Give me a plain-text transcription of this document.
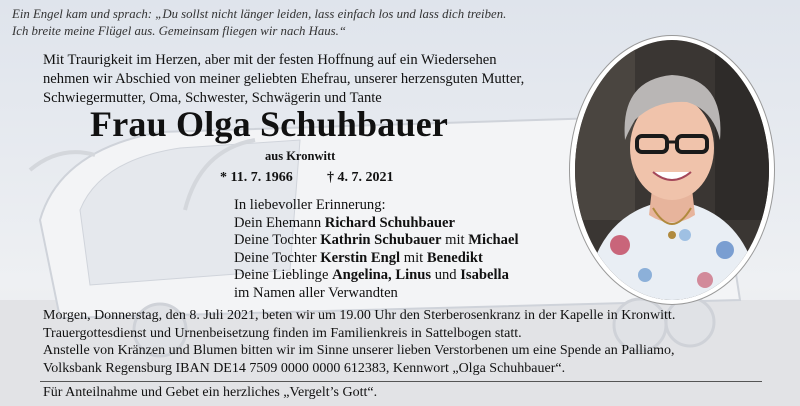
Ein Engel kam und sprach: „Du sollst nicht länger leiden, lass einfach los und lass dich treiben.
Ich breite meine Flügel aus. Gemeinsam fliegen wir nach Haus.“
Mit Traurigkeit im Herzen, aber mit der festen Hoffnung auf ein Wiedersehen
nehmen wir Abschied von meiner geliebten Ehefrau, unserer herzensguten Mutter,
Schwiegermutter, Oma, Schwester, Schwägerin und Tante
Frau Olga Schuhbauer
aus Kronwitt
* 11. 7. 1966 † 4. 7. 2021
In liebevoller Erinnerung:
Dein Ehemann Richard Schuhbauer
Deine Tochter Kathrin Schubauer mit Michael
Deine Tochter Kerstin Engl mit Benedikt
Deine Lieblinge Angelina, Linus und Isabella
im Namen aller Verwandten
Morgen, Donnerstag, den 8. Juli 2021, beten wir um 19.00 Uhr den Sterberosenkranz in der Kapelle in Kronwitt.
Trauergottesdienst und Urnenbeisetzung finden im Familienkreis in Sattelbogen statt.
Anstelle von Kränzen und Blumen bitten wir im Sinne unserer lieben Verstorbenen um eine Spende an Palliamo,
Volksbank Regensburg IBAN DE14 7509 0000 0000 612383, Kennwort „Olga Schuhbauer“.
Für Anteilnahme und Gebet ein herzliches „Vergelt’s Gott“.
